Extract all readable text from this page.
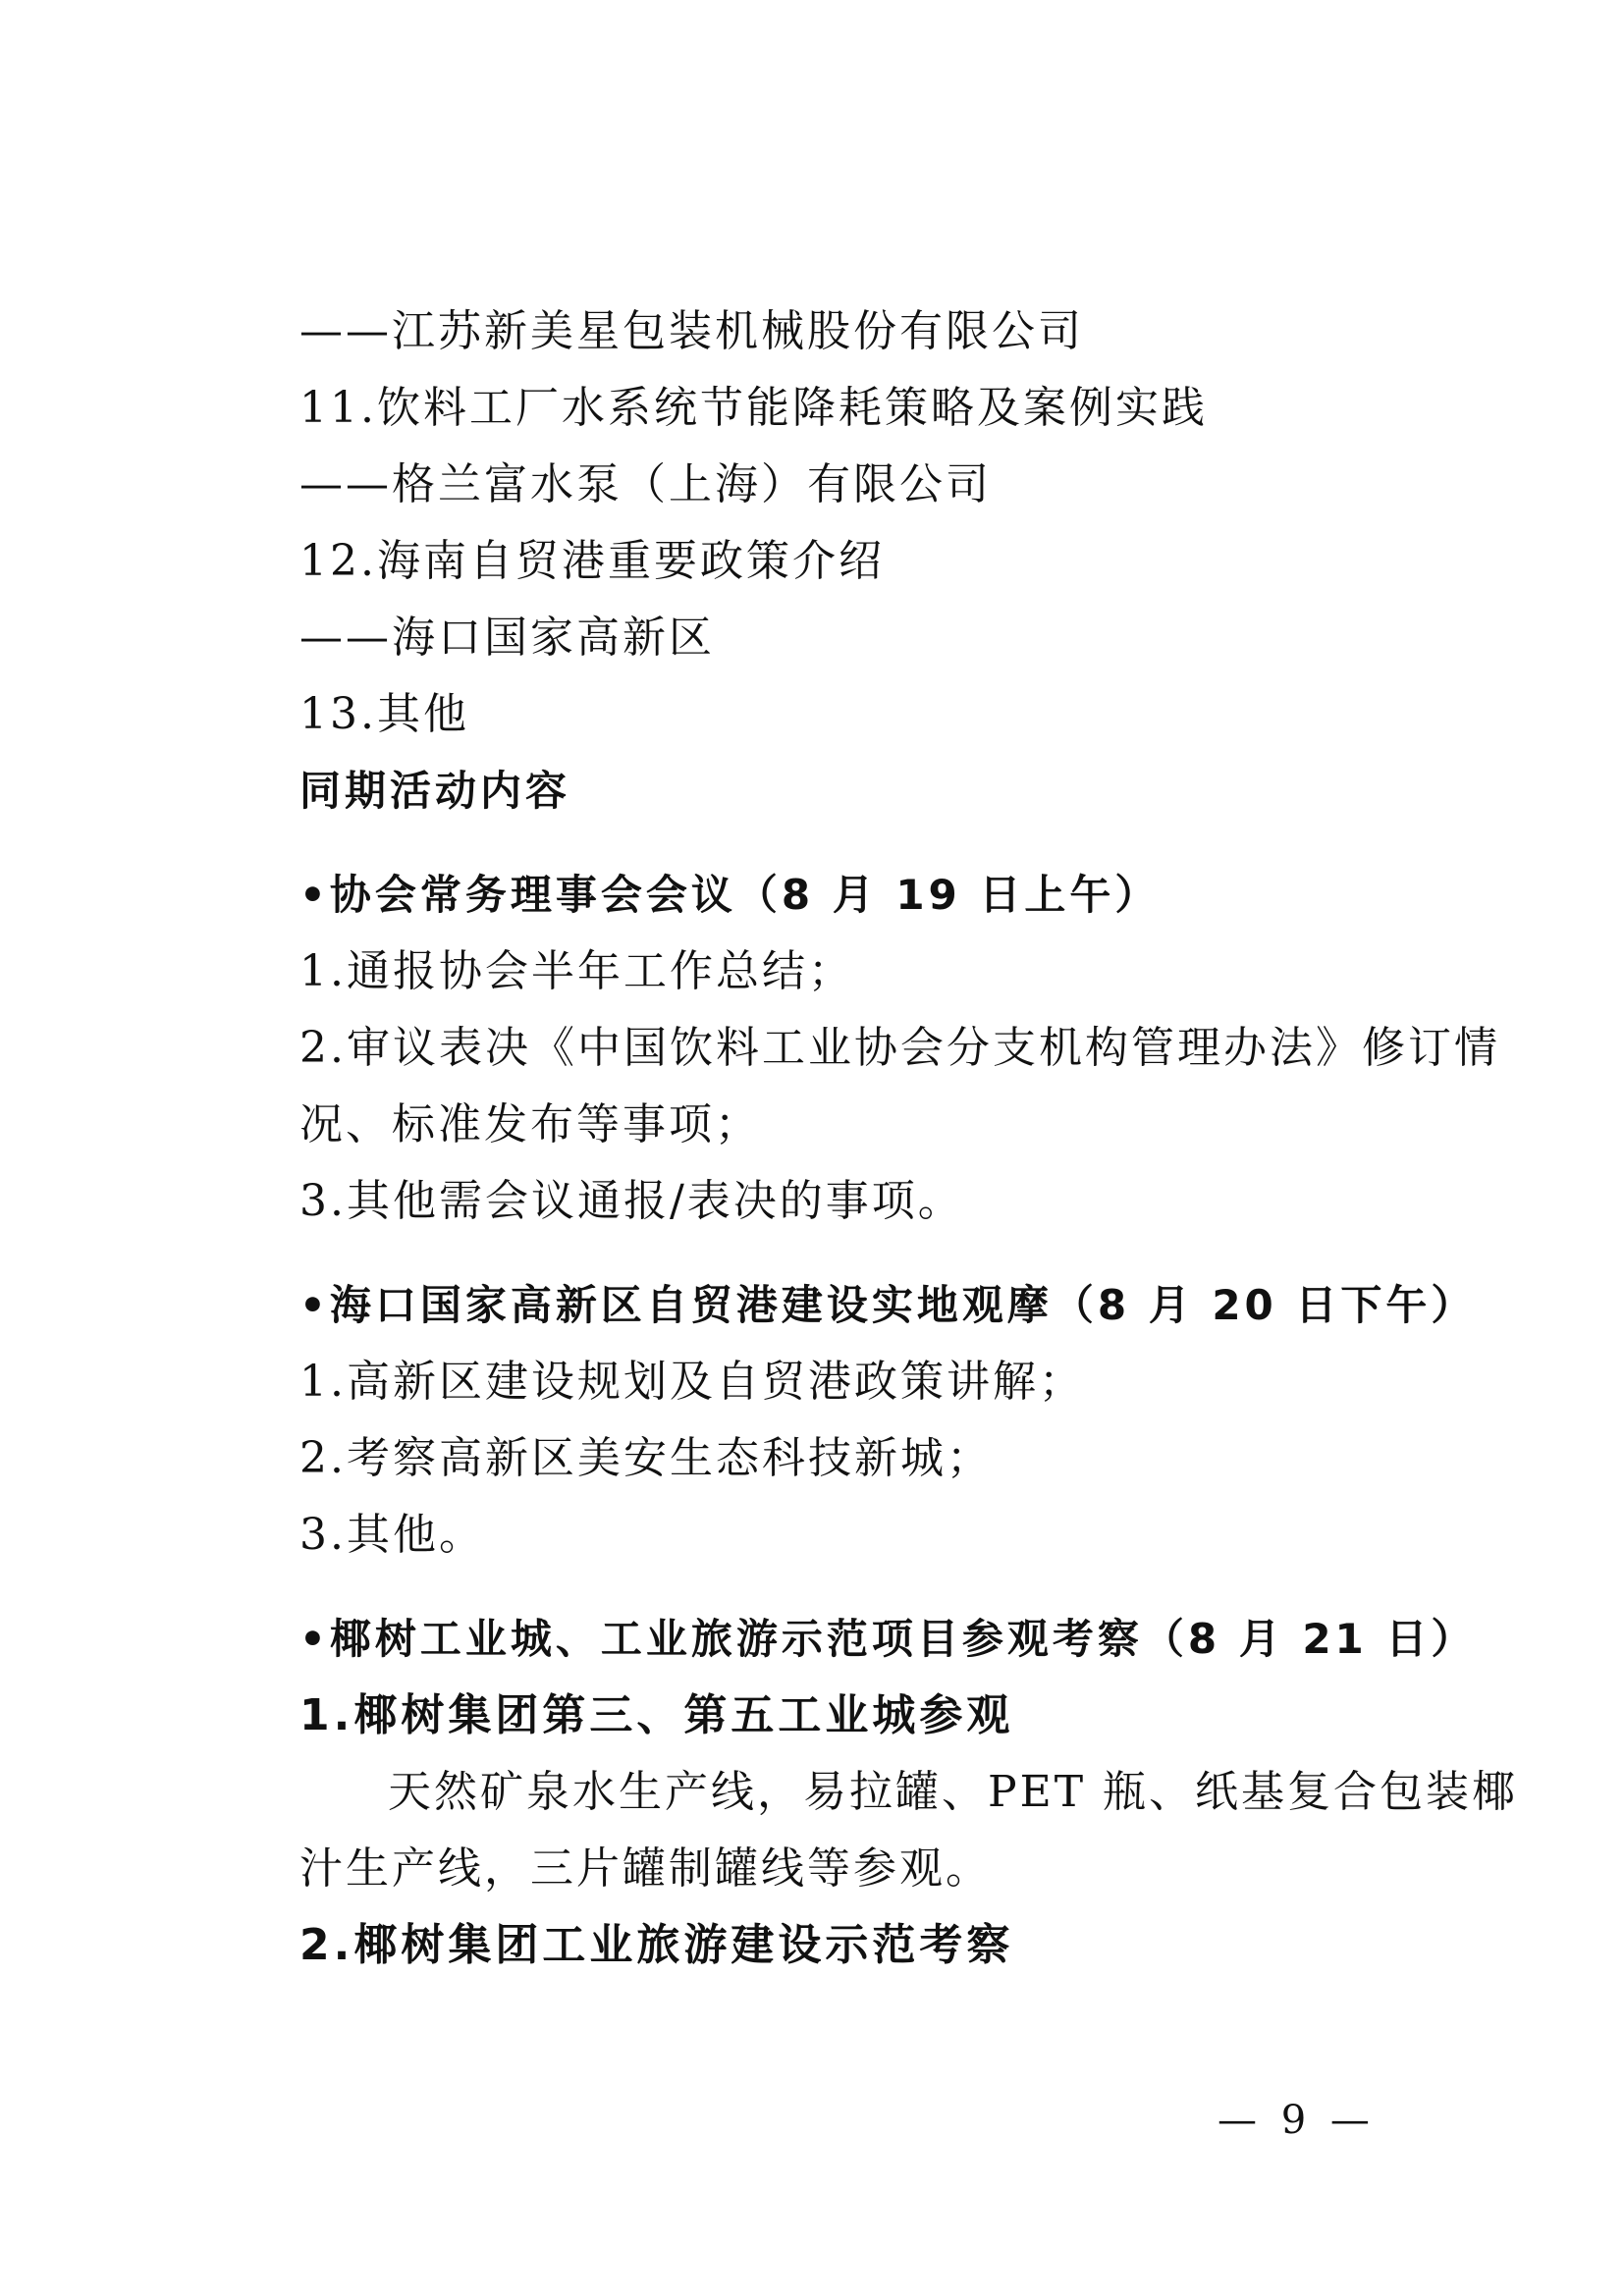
——江苏新美星包装机械股份有限公司
11.饮料工厂水系统节能降耗策略及案例实践
——格兰富水泵（上海）有限公司
12.海南自贸港重要政策介绍
——海口国家高新区
13.其他
同期活动内容
•协会常务理事会会议（8 月 19 日上午）
1.通报协会半年工作总结；
2.审议表决《中国饮料工业协会分支机构管理办法》修订情
况、标准发布等事项；
3.其他需会议通报/表决的事项。
•海口国家高新区自贸港建设实地观摩（8 月 20 日下午）
1.高新区建设规划及自贸港政策讲解；
2.考察高新区美安生态科技新城；
3.其他。
•椰树工业城、工业旅游示范项目参观考察（8 月 21 日）
1.椰树集团第三、第五工业城参观
天然矿泉水生产线，易拉罐、PET 瓶、纸基复合包装椰
汁生产线，三片罐制罐线等参观。
2.椰树集团工业旅游建设示范考察
— 9 —
